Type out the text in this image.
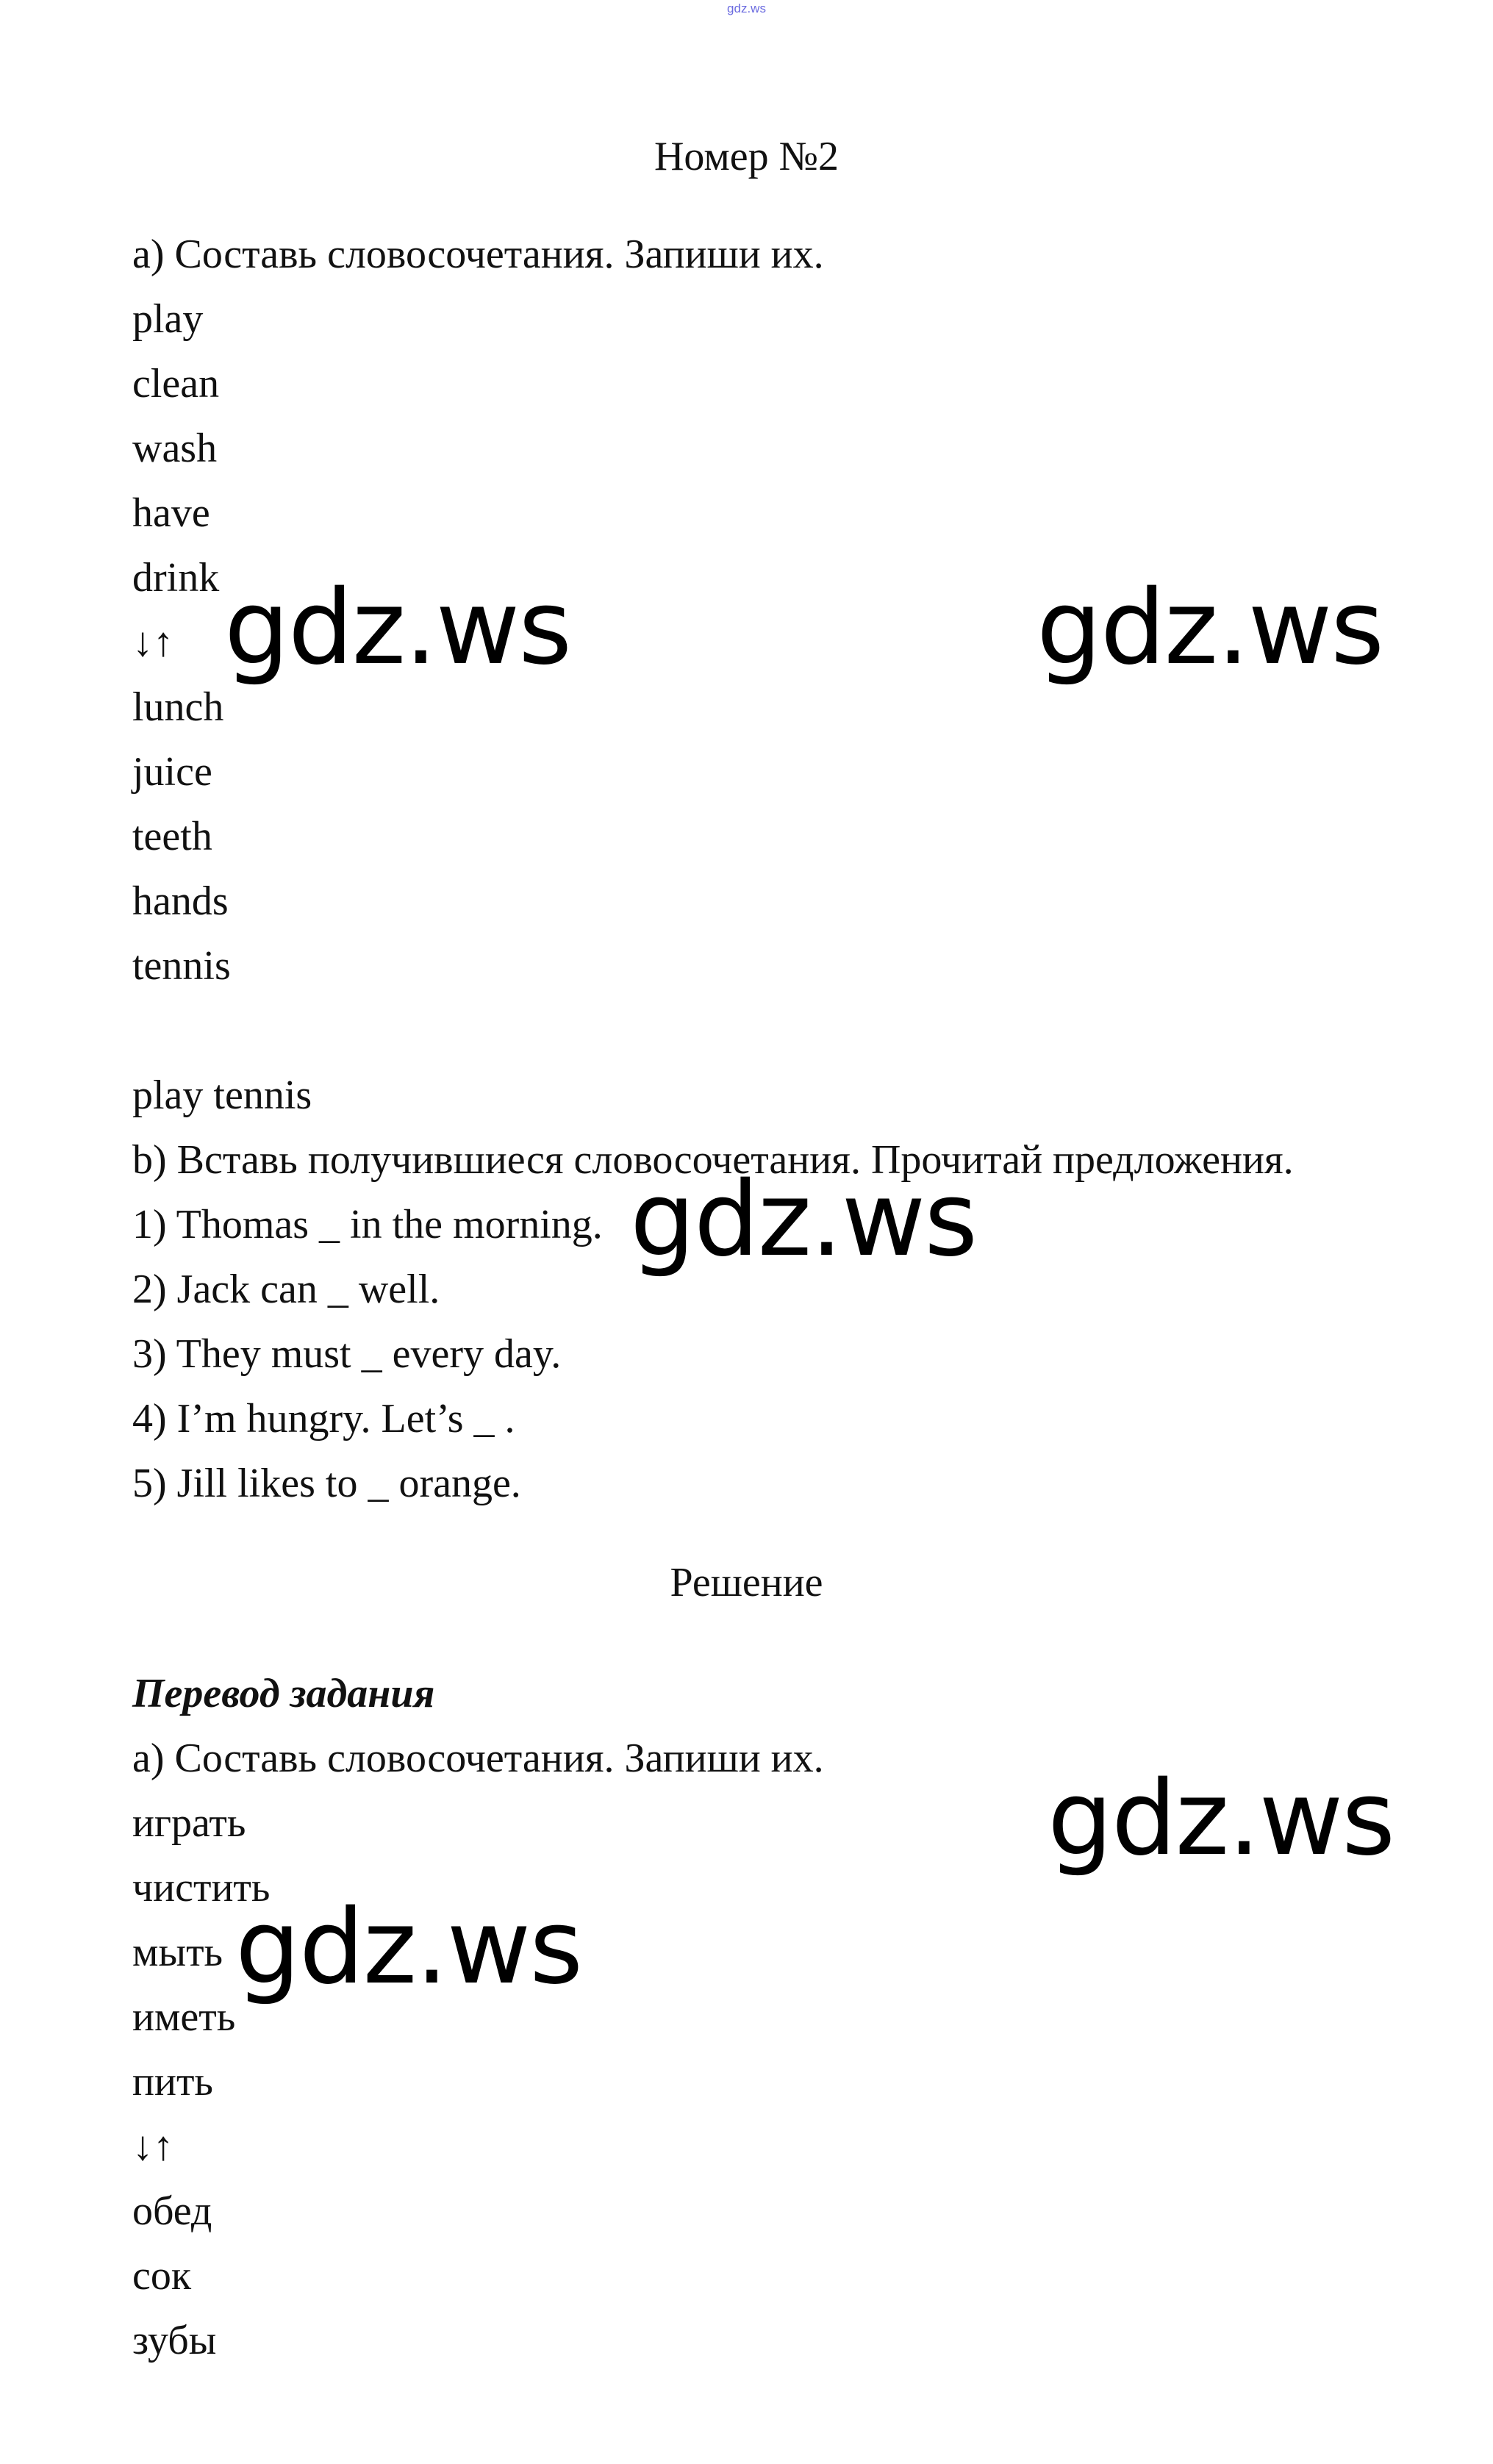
gdz.ws
Номер №2
a) Составь словосочетания. Запиши их.
play
clean
wash
have
drink
↓↑
lunch
juice
teeth
hands
tennis
play tennis
b) Вставь получившиеся словосочетания. Прочитай предложения.
1) Thomas _ in the morning.
2) Jack can _ well.
3) They must _ every day.
4) I’m hungry. Let’s _ .
5) Jill likes to _ orange.
Решение
Перевод задания
a) Составь словосочетания. Запиши их.
играть
чистить
мыть
иметь
пить
↓↑
обед
сок
зубы
gdz.ws	gdz.ws
gdz.ws
gdz.ws
gdz.ws
